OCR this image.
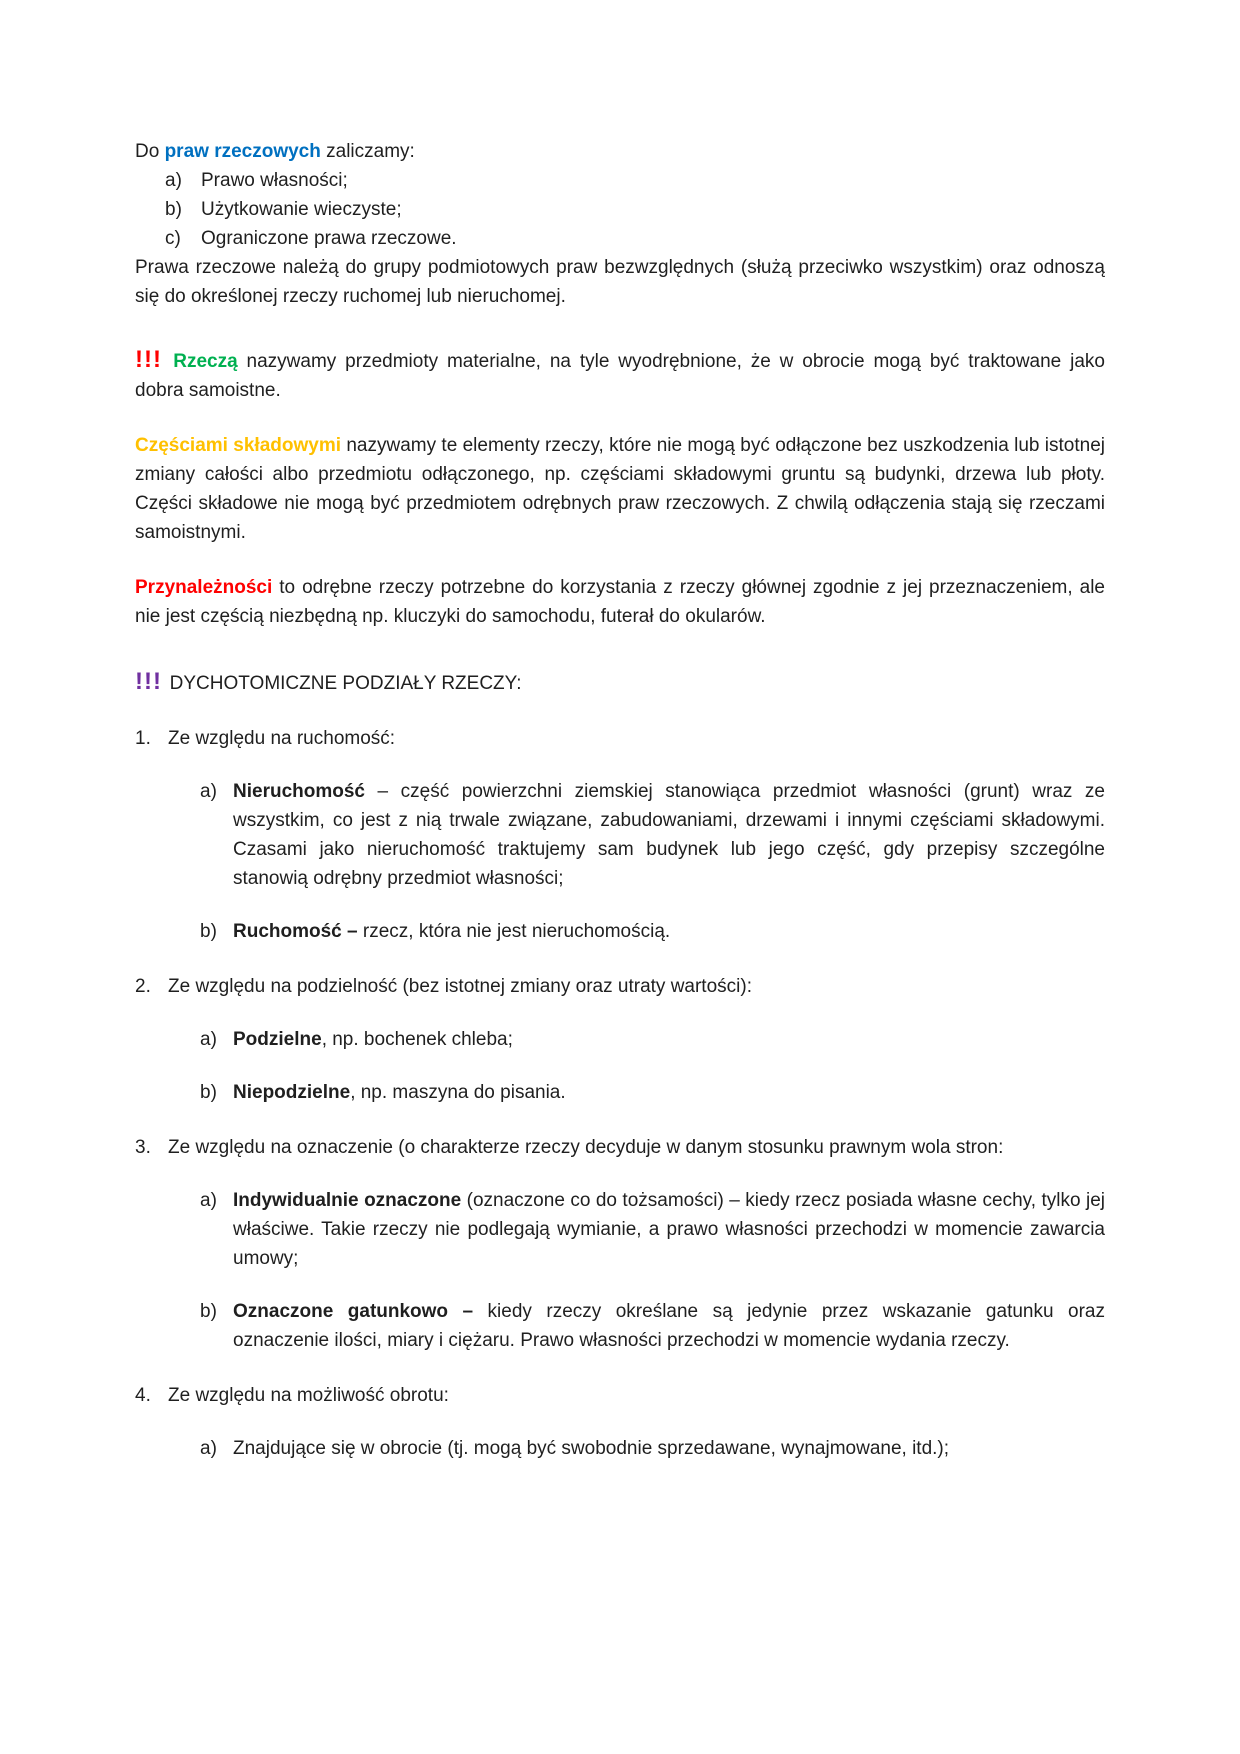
Do praw rzeczowych zaliczamy:

a)	Prawo własności;
b)	Użytkowanie wieczyste;
c)	Ograniczone prawa rzeczowe.

Prawa rzeczowe należą do grupy podmiotowych praw bezwzględnych (służą przeciwko wszystkim) oraz odnoszą się do określonej rzeczy ruchomej lub nieruchomej.

!!! Rzeczą nazywamy przedmioty materialne, na tyle wyodrębnione, że w obrocie mogą być traktowane jako dobra samoistne.

Częściami składowymi nazywamy te elementy rzeczy, które nie mogą być odłączone bez uszkodzenia lub istotnej zmiany całości albo przedmiotu odłączonego, np. częściami składowymi gruntu są budynki, drzewa lub płoty. Części składowe nie mogą być przedmiotem odrębnych praw rzeczowych. Z chwilą odłączenia stają się rzeczami samoistnymi.

Przynależności to odrębne rzeczy potrzebne do korzystania z rzeczy głównej zgodnie z jej przeznaczeniem, ale nie jest częścią niezbędną np. kluczyki do samochodu, futerał do okularów.

!!! DYCHOTOMICZNE PODZIAŁY RZECZY:

1. Ze względu na ruchomość:
a) Nieruchomość – część powierzchni ziemskiej stanowiąca przedmiot własności (grunt) wraz ze wszystkim, co jest z nią trwale związane, zabudowaniami, drzewami i innymi częściami składowymi. Czasami jako nieruchomość traktujemy sam budynek lub jego część, gdy przepisy szczególne stanowią odrębny przedmiot własności;
b) Ruchomość – rzecz, która nie jest nieruchomością.
2. Ze względu na podzielność (bez istotnej zmiany oraz utraty wartości):
a) Podzielne, np. bochenek chleba;
b) Niepodzielne, np. maszyna do pisania.
3. Ze względu na oznaczenie (o charakterze rzeczy decyduje w danym stosunku prawnym wola stron:
a) Indywidualnie oznaczone (oznaczone co do tożsamości) – kiedy rzecz posiada własne cechy, tylko jej właściwe. Takie rzeczy nie podlegają wymianie, a prawo własności przechodzi w momencie zawarcia umowy;
b) Oznaczone gatunkowo – kiedy rzeczy określane są jedynie przez wskazanie gatunku oraz oznaczenie ilości, miary i ciężaru. Prawo własności przechodzi w momencie wydania rzeczy.
4. Ze względu na możliwość obrotu:
a) Znajdujące się w obrocie (tj. mogą być swobodnie sprzedawane, wynajmowane, itd.);
